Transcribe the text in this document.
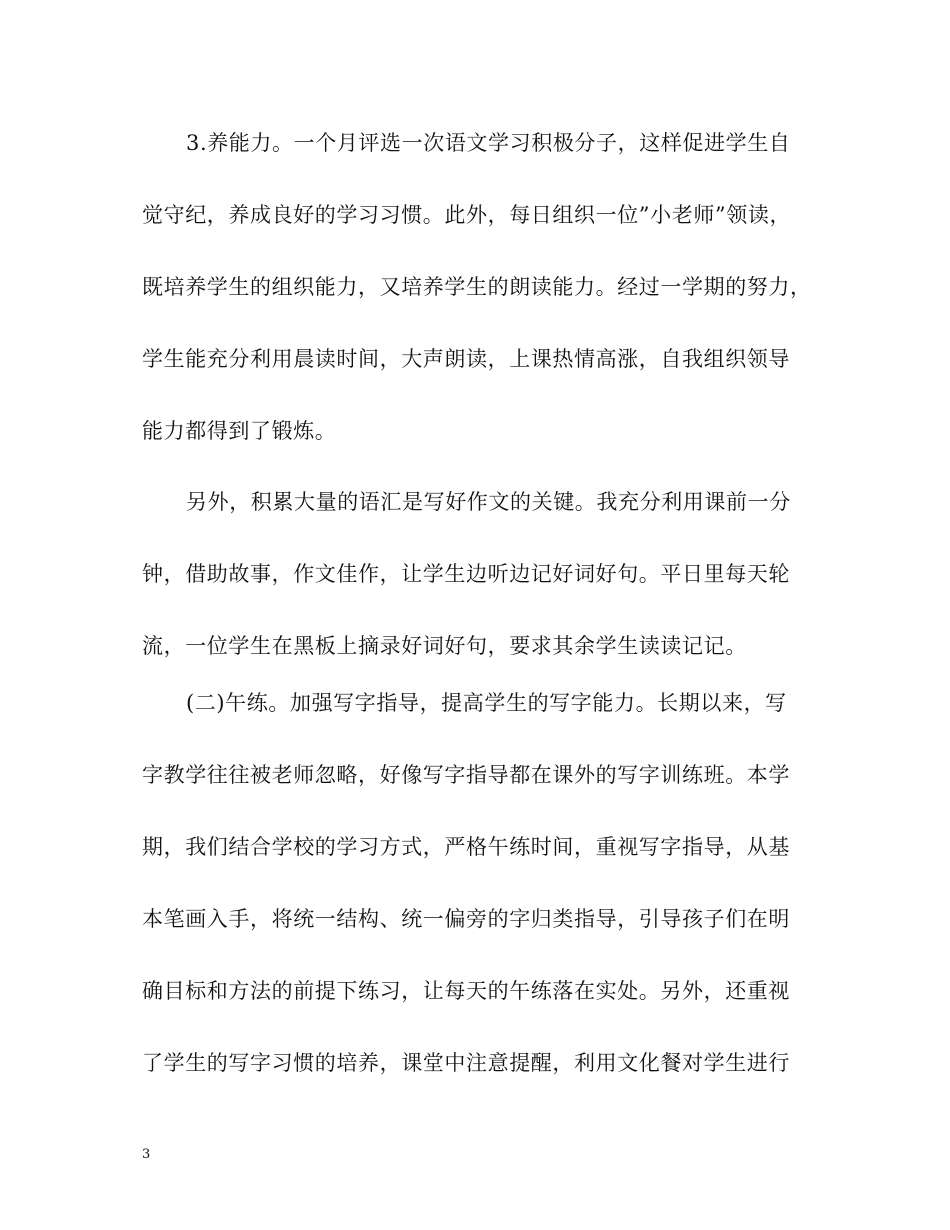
3.养能力。一个月评选一次语文学习积极分子，这样促进学生自
觉守纪，养成良好的学习习惯。此外，每日组织一位”小老师”领读，
既培养学生的组织能力，又培养学生的朗读能力。经过一学期的努力，
学生能充分利用晨读时间，大声朗读，上课热情高涨，自我组织领导
能力都得到了锻炼。
另外，积累大量的语汇是写好作文的关键。我充分利用课前一分
钟，借助故事，作文佳作，让学生边听边记好词好句。平日里每天轮
流，一位学生在黑板上摘录好词好句，要求其余学生读读记记。
(二)午练。加强写字指导，提高学生的写字能力。长期以来，写
字教学往往被老师忽略，好像写字指导都在课外的写字训练班。本学
期，我们结合学校的学习方式，严格午练时间，重视写字指导，从基
本笔画入手，将统一结构、统一偏旁的字归类指导，引导孩子们在明
确目标和方法的前提下练习，让每天的午练落在实处。另外，还重视
了学生的写字习惯的培养，课堂中注意提醒，利用文化餐对学生进行
3
